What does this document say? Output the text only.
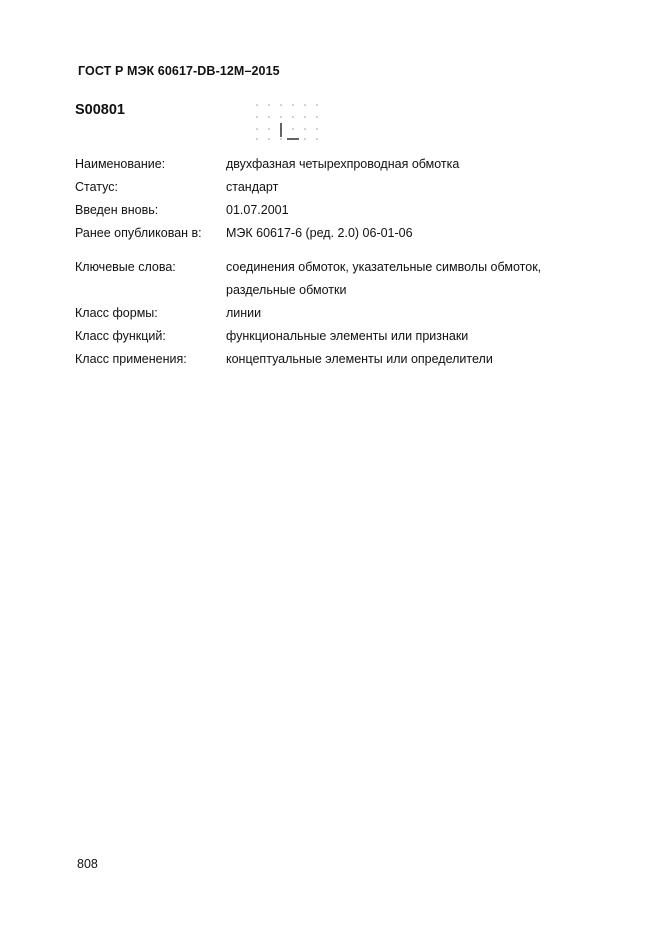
ГОСТ Р МЭК 60617-DB-12M–2015
S00801
Наименование:	двухфазная четырехпроводная обмотка
Статус:	стандарт
Введен вновь:	01.07.2001
Ранее опубликован в: МЭК 60617-6 (ред. 2.0) 06-01-06
Ключевые слова:	соединения обмоток, указательные символы обмоток,
раздельные обмотки
Класс формы:	линии
Класс функций:	функциональные элементы или признаки
Класс применения:	концептуальные элементы или определители
808
